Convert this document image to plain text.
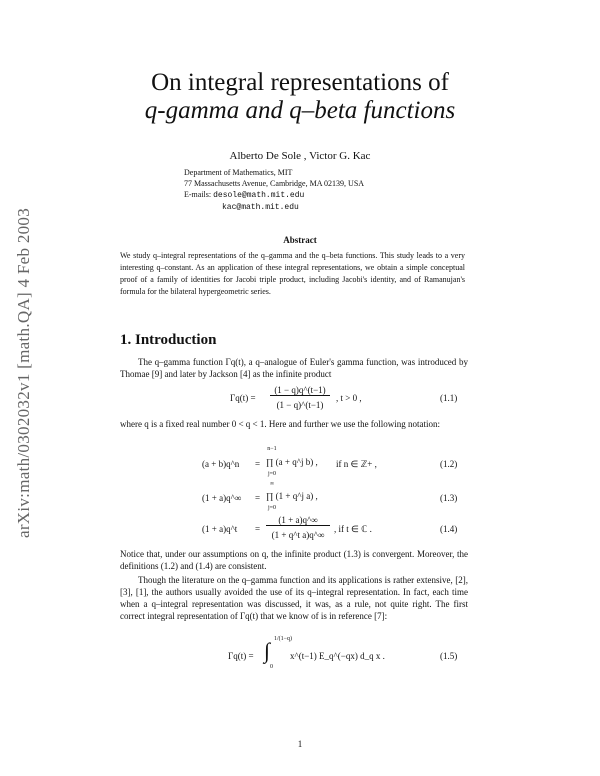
arXiv:math/0302032v1 [math.QA] 4 Feb 2003
On integral representations of
q-gamma and q–beta functions
Alberto De Sole , Victor G. Kac
Department of Mathematics, MIT
77 Massachusetts Avenue, Cambridge, MA 02139, USA
E-mails: desole@math.mit.edu
kac@math.mit.edu
Abstract
We study q–integral representations of the q–gamma and the q–beta functions. This study leads to a very interesting q–constant. As an application of these integral representations, we obtain a simple conceptual proof of a family of identities for Jacobi triple product, including Jacobi's identity, and of Ramanujan's formula for the bilateral hypergeometric series.
1. Introduction
The q–gamma function Γq(t), a q–analogue of Euler's gamma function, was introduced by Thomae [9] and later by Jackson [4] as the infinite product
Γq(t) =
(1 − q)q^(t−1)
(1 − q)^(t−1)
, t > 0 ,	(1.1)
where q is a fixed real number 0 < q < 1. Here and further we use the following notation:
(a + b)q^n =
n−1
j=0
∏ (a + q^j b) , if n ∈ ℤ+ ,	(1.2)
(1 + a)q^∞ =
∞
j=0
∏ (1 + q^j a) ,	(1.3)
(1 + a)q^t =
(1 + a)q^∞
(1 + q^t a)q^∞
, if t ∈ ℂ .	(1.4)
Notice that, under our assumptions on q, the infinite product (1.3) is convergent. Moreover, the definitions (1.2) and (1.4) are consistent.
Though the literature on the q–gamma function and its applications is rather extensive, [2], [3], [1], the authors usually avoided the use of its q–integral representation. In fact, each time when a q–integral representation was discussed, it was, as a rule, not quite right. The first correct integral representation of Γq(t) that we know of is in reference [7]:
Γq(t) = ∫ 1/(1−q)
0
x^(t−1) E_q^(−qx) d_q x .	(1.5)
1
